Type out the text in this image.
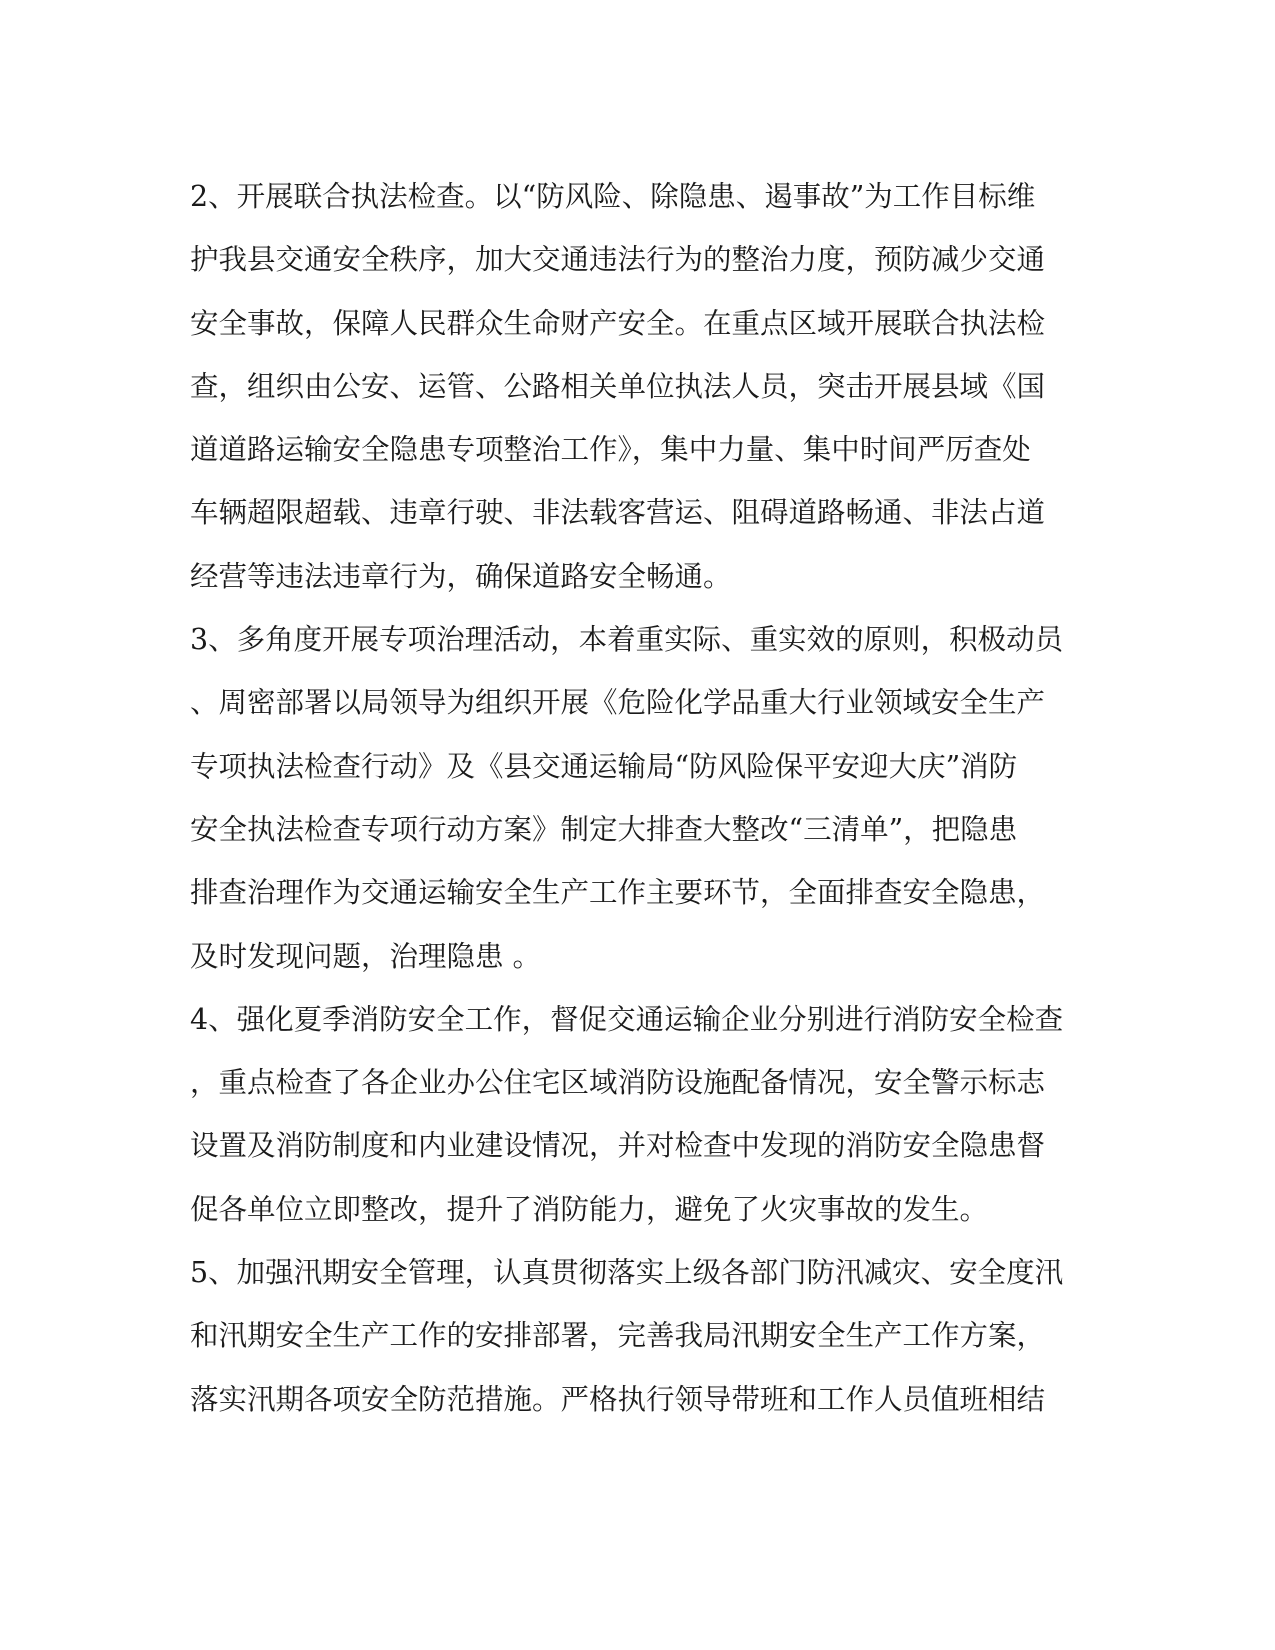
2、开展联合执法检查。以“防风险、除隐患、遏事故”为工作目标维
护我县交通安全秩序，加大交通违法行为的整治力度，预防减少交通
安全事故，保障人民群众生命财产安全。在重点区域开展联合执法检
查，组织由公安、运管、公路相关单位执法人员，突击开展县域《国
道道路运输安全隐患专项整治工作》，集中力量、集中时间严厉查处
车辆超限超载、违章行驶、非法载客营运、阻碍道路畅通、非法占道
经营等违法违章行为，确保道路安全畅通。
3、多角度开展专项治理活动，本着重实际、重实效的原则，积极动员
、周密部署以局领导为组织开展《危险化学品重大行业领域安全生产
专项执法检查行动》及《县交通运输局“防风险保平安迎大庆”消防
安全执法检查专项行动方案》制定大排查大整改“三清单”，把隐患
排查治理作为交通运输安全生产工作主要环节，全面排查安全隐患，
及时发现问题，治理隐患 。
4、强化夏季消防安全工作，督促交通运输企业分别进行消防安全检查
，重点检查了各企业办公住宅区域消防设施配备情况，安全警示标志
设置及消防制度和内业建设情况，并对检查中发现的消防安全隐患督
促各单位立即整改，提升了消防能力，避免了火灾事故的发生。
5、加强汛期安全管理，认真贯彻落实上级各部门防汛减灾、安全度汛
和汛期安全生产工作的安排部署，完善我局汛期安全生产工作方案，
落实汛期各项安全防范措施。严格执行领导带班和工作人员值班相结
